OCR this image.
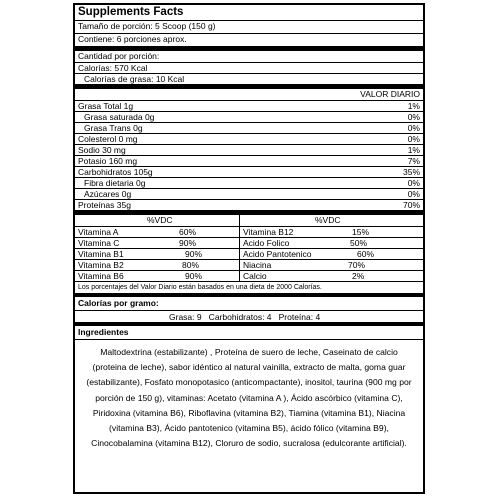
Supplements Facts
Tamaño de porción: 5 Scoop (150 g)
Contiene: 6 porciones aprox.
Cantidad por porción:
Calorías: 570 Kcal
Calorías de grasa: 10 Kcal
VALOR DIARIO
Grasa Total 1g	1%
Grasa saturada 0g	0%
Grasa Trans 0g	0%
Colesterol 0 mg	0%
Sodio 30 mg	1%
Potasio 160 mg	7%
Carbohidratos 105g	35%
Fibra dietaria 0g	0%
Azúcares 0g	0%
Proteínas 35g	70%
%VDC
Vitamina A	60%
Vitamina C	90%
Vitamina B1	90%
Vitamina B2	80%
Vitamina B6	90%
%VDC
Vitamina B12	15%
Acido Folico	50%
Acido Pantotenico	60%
Niacina	70%
Calcio	2%
Los porcentajes del Valor Diario están basados en una dieta de 2000 Calorías.
Calorías por gramo:
Grasa: 9   Carbohidratos: 4   Proteína: 4
Ingredientes
Maltodextrina (estabilizante) , Proteína de suero de leche, Caseinato de calcio (proteina de leche), sabor idéntico al natural vainilla, extracto de malta, goma guar (estabilizante), Fosfato monopotasico (anticompactante), inositol, taurina (900 mg por porción de 150 g), vitaminas: Acetato (vitamina A ), Ácido ascórbico (vitamina C), Piridoxina (vitamina B6), Riboflavina (vitamina B2), Tiamina (vitamina B1), Niacina (vitamina B3), Ácido pantotenico (vitamina B5), ácido fólico (vitamina B9), Cinocobalamina (vitamina B12), Cloruro de sodio, sucralosa (edulcorante artificial).
